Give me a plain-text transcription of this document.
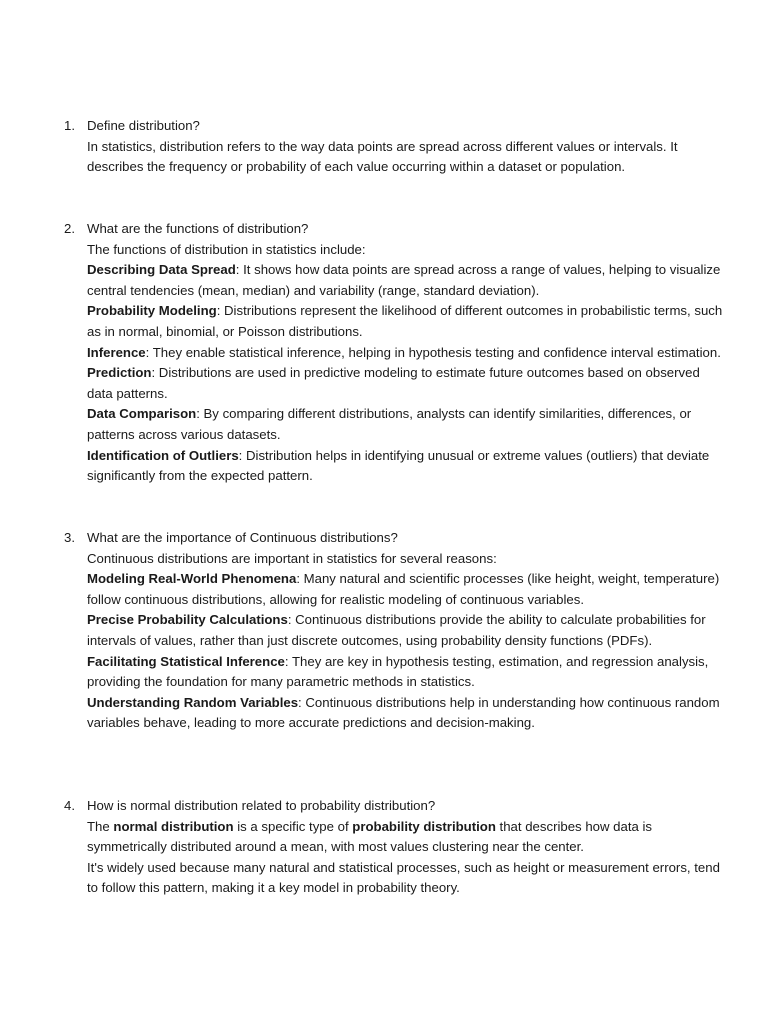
1. Define distribution?

In statistics, distribution refers to the way data points are spread across different values or intervals. It describes the frequency or probability of each value occurring within a dataset or population.

2. What are the functions of distribution?

The functions of distribution in statistics include:

Describing Data Spread: It shows how data points are spread across a range of values, helping to visualize central tendencies (mean, median) and variability (range, standard deviation).

Probability Modeling: Distributions represent the likelihood of different outcomes in probabilistic terms, such as in normal, binomial, or Poisson distributions.

Inference: They enable statistical inference, helping in hypothesis testing and confidence interval estimation.

Prediction: Distributions are used in predictive modeling to estimate future outcomes based on observed data patterns.

Data Comparison: By comparing different distributions, analysts can identify similarities, differences, or patterns across various datasets.

Identification of Outliers: Distribution helps in identifying unusual or extreme values (outliers) that deviate significantly from the expected pattern.

3. What are the importance of Continuous distributions?

Continuous distributions are important in statistics for several reasons:

Modeling Real-World Phenomena: Many natural and scientific processes (like height, weight, temperature) follow continuous distributions, allowing for realistic modeling of continuous variables.

Precise Probability Calculations: Continuous distributions provide the ability to calculate probabilities for intervals of values, rather than just discrete outcomes, using probability density functions (PDFs).

Facilitating Statistical Inference: They are key in hypothesis testing, estimation, and regression analysis, providing the foundation for many parametric methods in statistics.

Understanding Random Variables: Continuous distributions help in understanding how continuous random variables behave, leading to more accurate predictions and decision-making.

4. How is normal distribution related to probability distribution?

The normal distribution is a specific type of probability distribution that describes how data is symmetrically distributed around a mean, with most values clustering near the center.

It's widely used because many natural and statistical processes, such as height or measurement errors, tend to follow this pattern, making it a key model in probability theory.
